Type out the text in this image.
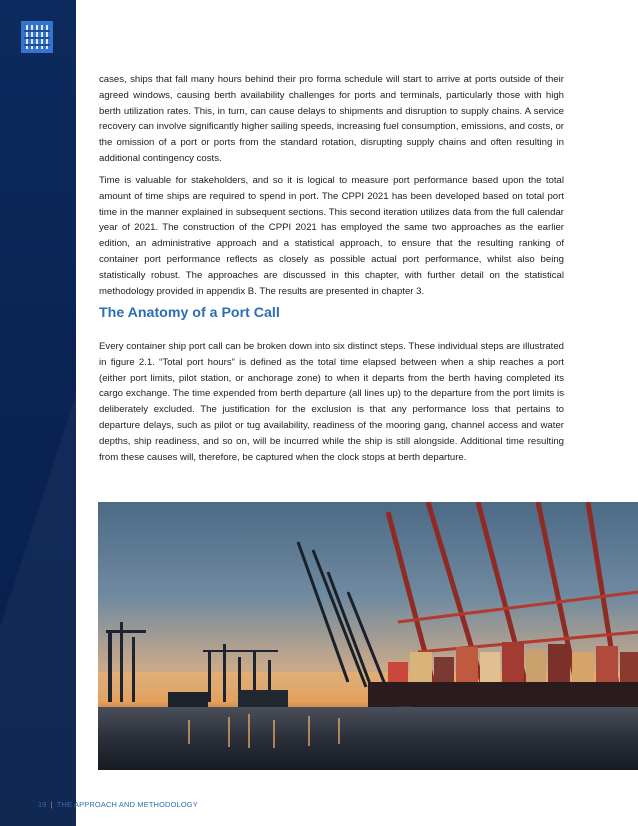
cases, ships that fall many hours behind their pro forma schedule will start to arrive at ports outside of their agreed windows, causing berth availability challenges for ports and terminals, particularly those with high berth utilization rates. This, in turn, can cause delays to shipments and disruption to supply chains. A service recovery can involve significantly higher sailing speeds, increasing fuel consumption, emissions, and costs, or the omission of a port or ports from the standard rotation, disrupting supply chains and often resulting in additional contingency costs.

Time is valuable for stakeholders, and so it is logical to measure port performance based upon the total amount of time ships are required to spend in port. The CPPI 2021 has been developed based on total port time in the manner explained in subsequent sections. This second iteration utilizes data from the full calendar year of 2021. The construction of the CPPI 2021 has employed the same two approaches as the earlier edition, an administrative approach and a statistical approach, to ensure that the resulting ranking of container port performance reflects as closely as possible actual port performance, whilst also being statistically robust. The approaches are discussed in this chapter, with further detail on the statistical methodology provided in appendix B. The results are presented in chapter 3.

The Anatomy of a Port Call

Every container ship port call can be broken down into six distinct steps. These individual steps are illustrated in figure 2.1. “Total port hours” is defined as the total time elapsed between when a ship reaches a port (either port limits, pilot station, or anchorage zone) to when it departs from the berth having completed its cargo exchange. The time expended from berth departure (all lines up) to the departure from the port limits is deliberately excluded. The justification for the exclusion is that any performance loss that pertains to departure delays, such as pilot or tug availability, readiness of the mooring gang, channel access and water depths, ship readiness, and so on, will be incurred while the ship is still alongside. Additional time resulting from these causes will, therefore, be captured when the clock stops at berth departure.

19 | THE APPROACH AND METHODOLOGY
